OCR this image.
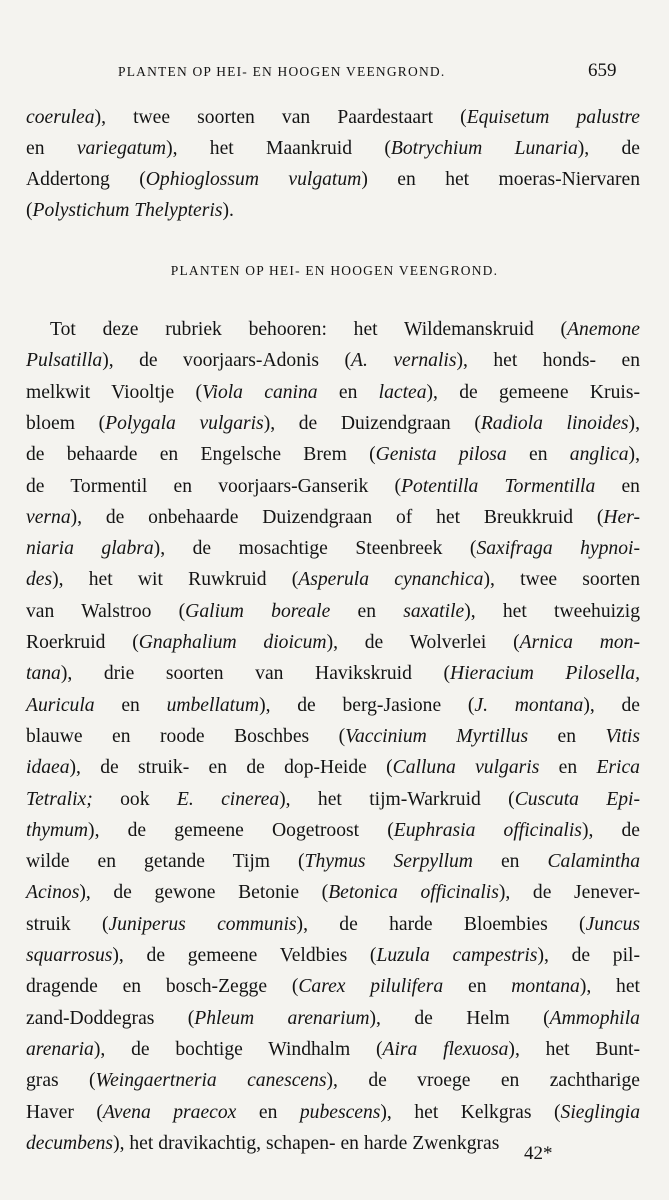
PLANTEN OP HEI- EN HOOGEN VEENGROND.	659
coerulea), twee soorten van Paardestaart (Equisetum palustre
en variegatum), het Maankruid (Botrychium Lunaria), de
Addertong (Ophioglossum vulgatum) en het moeras-Niervaren
(Polystichum Thelypteris).
PLANTEN OP HEI- EN HOOGEN VEENGROND.
Tot deze rubriek behooren: het Wildemanskruid (Anemone
Pulsatilla), de voorjaars-Adonis (A. vernalis), het honds- en
melkwit Viooltje (Viola canina en lactea), de gemeene Kruis-
bloem (Polygala vulgaris), de Duizendgraan (Radiola linoides),
de behaarde en Engelsche Brem (Genista pilosa en anglica),
de Tormentil en voorjaars-Ganserik (Potentilla Tormentilla en
verna), de onbehaarde Duizendgraan of het Breukkruid (Her-
niaria glabra), de mosachtige Steenbreek (Saxifraga hypnoi-
des), het wit Ruwkruid (Asperula cynanchica), twee soorten
van Walstroo (Galium boreale en saxatile), het tweehuizig
Roerkruid (Gnaphalium dioicum), de Wolverlei (Arnica mon-
tana), drie soorten van Havikskruid (Hieracium Pilosella,
Auricula en umbellatum), de berg-Jasione (J. montana), de
blauwe en roode Boschbes (Vaccinium Myrtillus en Vitis
idaea), de struik- en de dop-Heide (Calluna vulgaris en Erica
Tetralix; ook E. cinerea), het tijm-Warkruid (Cuscuta Epi-
thymum), de gemeene Oogetroost (Euphrasia officinalis), de
wilde en getande Tijm (Thymus Serpyllum en Calamintha
Acinos), de gewone Betonie (Betonica officinalis), de Jenever-
struik (Juniperus communis), de harde Bloembies (Juncus
squarrosus), de gemeene Veldbies (Luzula campestris), de pil-
dragende en bosch-Zegge (Carex pilulifera en montana), het
zand-Doddegras (Phleum arenarium), de Helm (Ammophila
arenaria), de bochtige Windhalm (Aira flexuosa), het Bunt-
gras (Weingaertneria canescens), de vroege en zachtharige
Haver (Avena praecox en pubescens), het Kelkgras (Sieglingia
decumbens), het dravikachtig, schapen- en harde Zwenkgras	42*
